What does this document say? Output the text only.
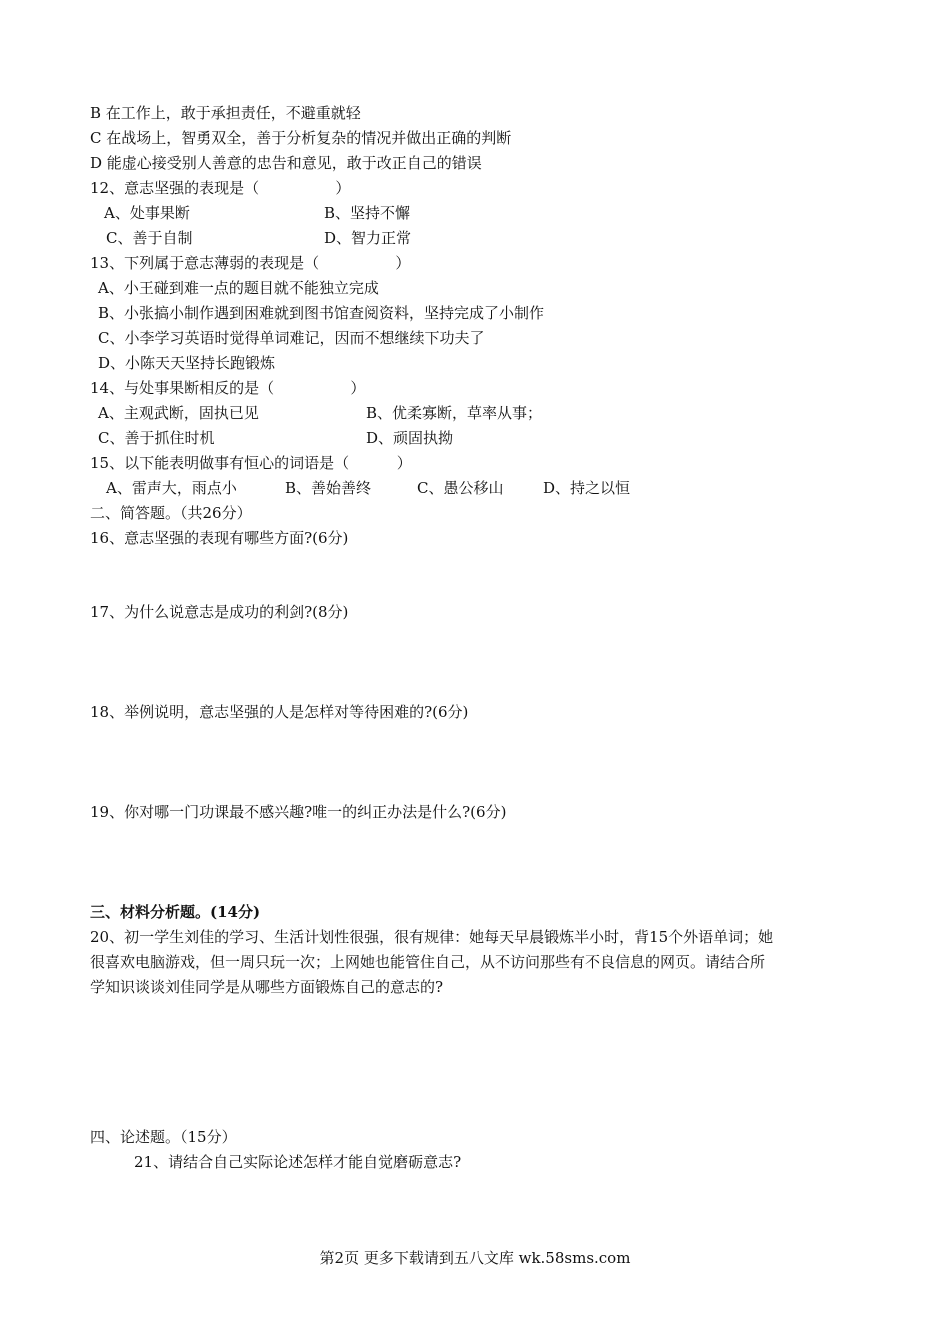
B 在工作上，敢于承担责任，不避重就轻
C 在战场上，智勇双全，善于分析复杂的情况并做出正确的判断
D 能虚心接受别人善意的忠告和意见，敢于改正自己的错误
12、意志坚强的表现是（                ）
A、处事果断	B、坚持不懈
C、善于自制	D、智力正常
13、下列属于意志薄弱的表现是（                ）
A、小王碰到难一点的题目就不能独立完成
B、小张搞小制作遇到困难就到图书馆查阅资料，坚持完成了小制作
C、小李学习英语时觉得单词难记，因而不想继续下功夫了
D、小陈天天坚持长跑锻炼
14、与处事果断相反的是（                ）
A、主观武断，固执已见	B、优柔寡断，草率从事；
C、善于抓住时机	D、顽固执拗
15、以下能表明做事有恒心的词语是（          ）
A、雷声大，雨点小	B、善始善终	C、愚公移山	D、持之以恒
二、简答题。（共26分）
16、意志坚强的表现有哪些方面?(6分)
17、为什么说意志是成功的利剑?(8分)
18、举例说明，意志坚强的人是怎样对等待困难的?(6分)
19、你对哪一门功课最不感兴趣?唯一的纠正办法是什么?(6分)
三、材料分析题。(14分)
20、初一学生刘佳的学习、生活计划性很强，很有规律：她每天早晨锻炼半小时，背15个外语单词；她
很喜欢电脑游戏，但一周只玩一次；上网她也能管住自己，从不访问那些有不良信息的网页。请结合所
学知识谈谈刘佳同学是从哪些方面锻炼自己的意志的?
四、论述题。（15分）
21、请结合自己实际论述怎样才能自觉磨砺意志?
第2页 更多下载请到五八文库 wk.58sms.com
